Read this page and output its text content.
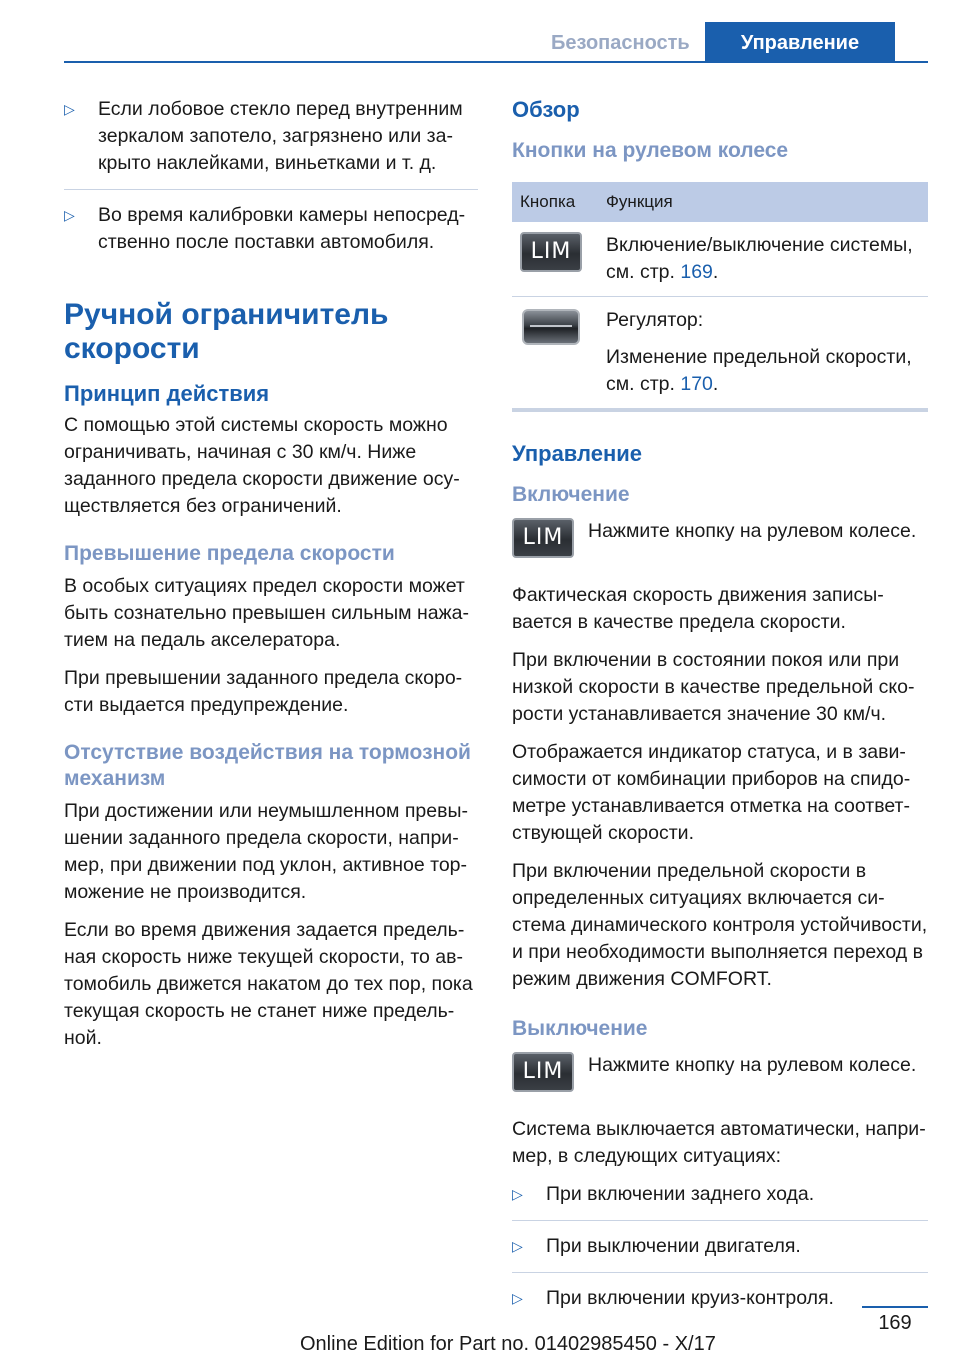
Безопасность	Управление
▷	Если лобовое стекло перед внутренним зеркалом запотело, загрязнено или закрыто наклейками, виньетками и т. д.
▷	Во время калибровки камеры непосредственно после поставки автомобиля.
Ручной ограничитель скорости
Принцип действия

С помощью этой системы скорость можно ограничивать, начиная с 30 км/ч. Ниже заданного предела скорости движение осуществляется без ограничений.

Превышение предела скорости

В особых ситуациях предел скорости может быть сознательно превышен сильным нажатием на педаль акселератора.

При превышении заданного предела скорости выдается предупреждение.

Отсутствие воздействия на тормозной механизм

При достижении или неумышленном превышении заданного предела скорости, например, при движении под уклон, активное торможение не производится.

Если во время движения задается предельная скорость ниже текущей скорости, то автомобиль движется накатом до тех пор, пока текущая скорость не станет ниже предельной.

Обзор
Кнопки на рулевом колесе
Кнопка	Функция

LIM	Включение/выключение системы, см. стр. 169.

	Регулятор:
Изменение предельной скорости, см. стр. 170.
Управление
Включение
LIM	Нажмите кнопку на рулевом колесе.

Фактическая скорость движения записывается в качестве предела скорости.

При включении в состоянии покоя или при низкой скорости в качестве предельной скорости устанавливается значение 30 км/ч.

Отображается индикатор статуса, и в зависимости от комбинации приборов на спидометре устанавливается отметка на соответствующей скорости.

При включении предельной скорости в определенных ситуациях включается система динамического контроля устойчивости, и при необходимости выполняется переход в режим движения COMFORT.

Выключение
LIM	Нажмите кнопку на рулевом колесе.

Система выключается автоматически, например, в следующих ситуациях:

▷	При включении заднего хода.
▷	При выключении двигателя.
▷	При включении круиз-контроля.
169
Online Edition for Part no. 01402985450 - X/17
